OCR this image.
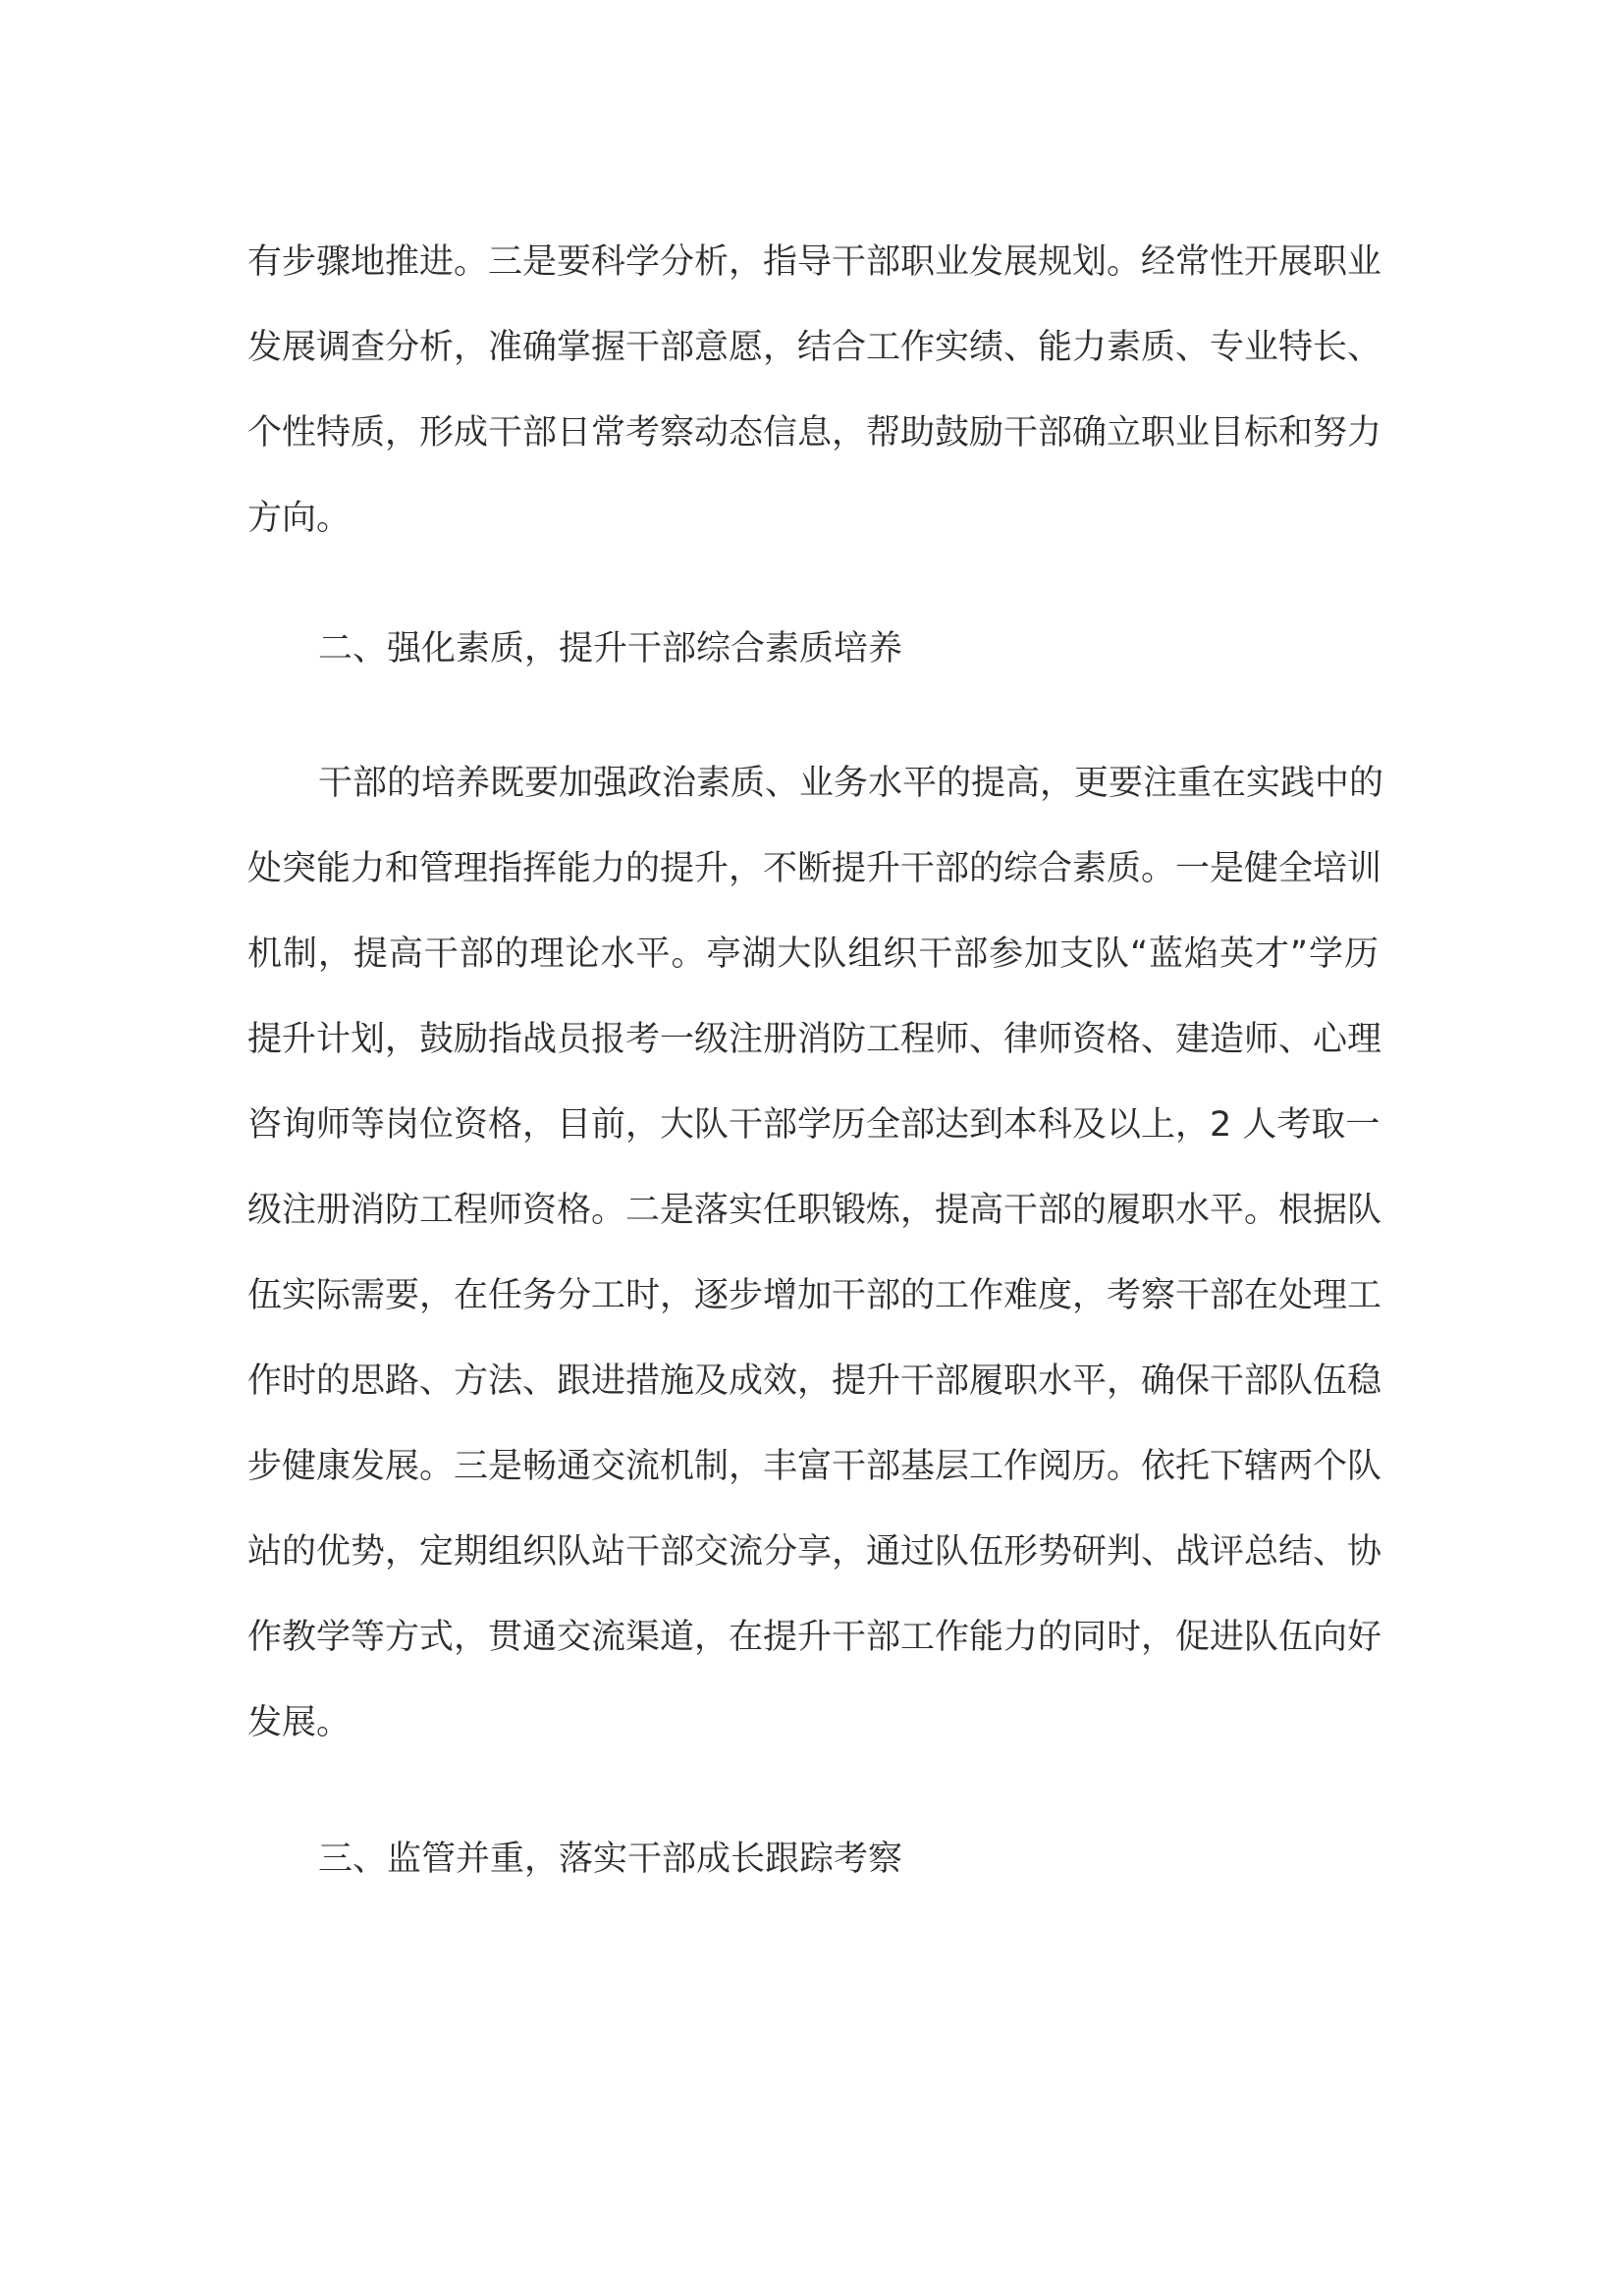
有步骤地推进。三是要科学分析，指导干部职业发展规划。经常性开展职业
发展调查分析，准确掌握干部意愿，结合工作实绩、能力素质、专业特长、
个性特质，形成干部日常考察动态信息，帮助鼓励干部确立职业目标和努力
方向。
二、强化素质，提升干部综合素质培养
干部的培养既要加强政治素质、业务水平的提高，更要注重在实践中的
处突能力和管理指挥能力的提升，不断提升干部的综合素质。一是健全培训
机制，提高干部的理论水平。亭湖大队组织干部参加支队“蓝焰英才”学历
提升计划，鼓励指战员报考一级注册消防工程师、律师资格、建造师、心理
咨询师等岗位资格，目前，大队干部学历全部达到本科及以上，2 人考取一
级注册消防工程师资格。二是落实任职锻炼，提高干部的履职水平。根据队
伍实际需要，在任务分工时，逐步增加干部的工作难度，考察干部在处理工
作时的思路、方法、跟进措施及成效，提升干部履职水平，确保干部队伍稳
步健康发展。三是畅通交流机制，丰富干部基层工作阅历。依托下辖两个队
站的优势，定期组织队站干部交流分享，通过队伍形势研判、战评总结、协
作教学等方式，贯通交流渠道，在提升干部工作能力的同时，促进队伍向好
发展。
三、监管并重，落实干部成长跟踪考察
